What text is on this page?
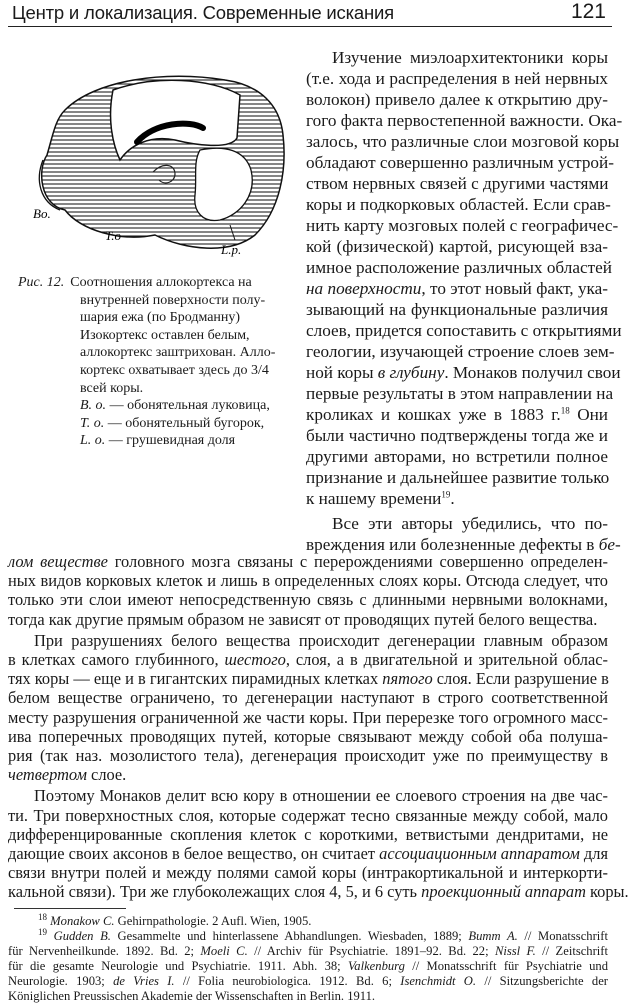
Центр и локализация. Современные искания	121
Bo.
T.o
L.p.
Рис. 12. Соотношения аллокортекса на
внутренней поверхности полу-
шария ежа (по Бродманну)
Изокортекс оставлен белым,
аллокортекс заштрихован. Алло-
кортекс охватывает здесь до 3/4
всей коры.
B. o. — обонятельная луковица,
T. o. — обонятельный бугорок,
L. o. — грушевидная доля
Изучение миэлоархитектоники коры
(т.е. хода и распределения в ней нервных
волокон) привело далее к открытию дру-
гого факта первостепенной важности. Ока-
залось, что различные слои мозговой коры
обладают совершенно различным устрой-
ством нервных связей с другими частями
коры и подкорковых областей. Если срав-
нить карту мозговых полей с географичес-
кой (физической) картой, рисующей вза-
имное расположение различных областей
на поверхности, то этот новый факт, ука-
зывающий на функциональные различия
слоев, придется сопоставить с открытиями
геологии, изучающей строение слоев зем-
ной коры в глубину. Монаков получил свои
первые результаты в этом направлении на
кроликах и кошках уже в 1883 г.$^{18}$ Они
были частично подтверждены тогда же и
другими авторами, но встретили полное
признание и дальнейшее развитие только
к нашему времени$^{19}$.
Все эти авторы убедились, что по-
вреждения или болезненные дефекты в бе-
лом веществе головного мозга связаны с перерождениями совершенно определен-
ных видов корковых клеток и лишь в определенных слоях коры. Отсюда следует, что
только эти слои имеют непосредственную связь с длинными нервными волокнами,
тогда как другие прямым образом не зависят от проводящих путей белого вещества.
При разрушениях белого вещества происходит дегенерации главным образом
в клетках самого глубинного, шестого, слоя, а в двигательной и зрительной облас-
тях коры — еще и в гигантских пирамидных клетках пятого слоя. Если разрушение в
белом веществе ограничено, то дегенерации наступают в строго соответственной
месту разрушения ограниченной же части коры. При перерезке того огромного масс-
ива поперечных проводящих путей, которые связывают между собой оба полуша-
рия (так наз. мозолистого тела), дегенерация происходит уже по преимуществу в
четвертом слое.
Поэтому Монаков делит всю кору в отношении ее слоевого строения на две час-
ти. Три поверхностных слоя, которые содержат тесно связанные между собой, мало
дифференцированные скопления клеток с короткими, ветвистыми дендритами, не
дающие своих аксонов в белое вещество, он считает ассоциационным аппаратом для
связи внутри полей и между полями самой коры (интракортикальной и интеркорти-
кальной связи). Три же глубоколежащих слоя 4, 5, и 6 суть проекционный аппарат коры.
$^{18}$ Monakow C. Gehirnpathologie. 2 Aufl. Wien, 1905.
$^{19}$ Gudden B. Gesammelte und hinterlassene Abhandlungen. Wiesbaden, 1889; Bumm A. // Monatsschrift
für Nervenheilkunde. 1892. Bd. 2; Moeli C. // Archiv für Psychiatrie. 1891–92. Bd. 22; Nissl F. // Zeitschrift
für die gesamte Neurologie und Psychiatrie. 1911. Abh. 38; Valkenburg // Monatsschrift für Psychiatrie und
Neurologie. 1903; de Vries I. // Folia neurobiologica. 1912. Bd. 6; Isenchmidt O. // Sitzungsberichte der
Königlichen Preussischen Akademie der Wissenschaften in Berlin. 1911.
